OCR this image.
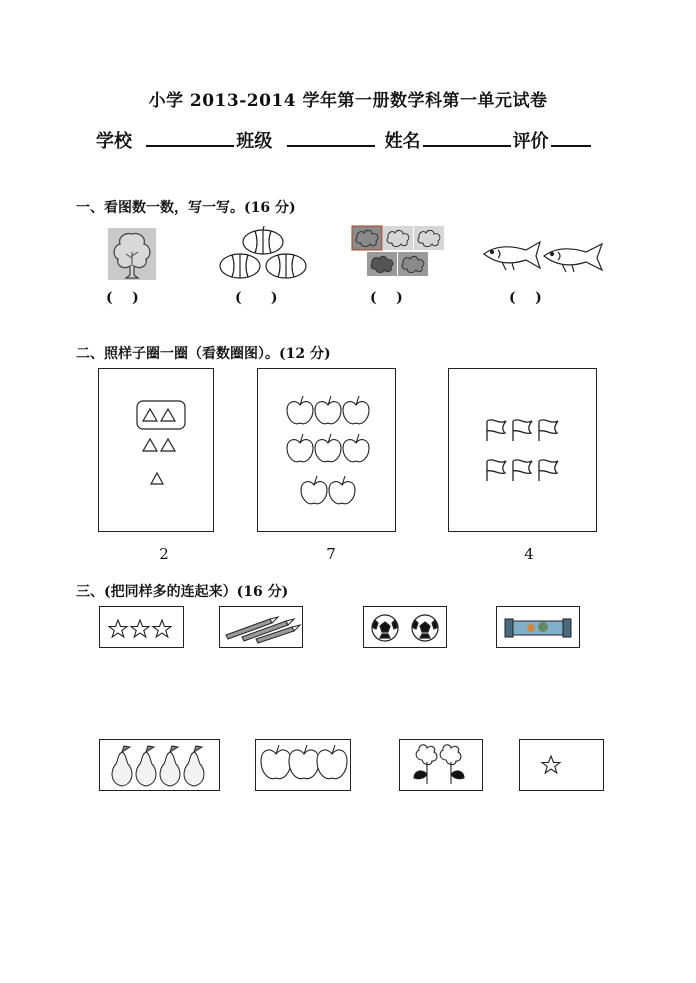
小学 2013-2014 学年第一册数学科第一单元试卷
学校	班级	姓名	评价
一、看图数一数，写一写。(16 分)
(    )	(      )	(    )	(    )
二、照样子圈一圈（看数圈图）。(12 分)
2	7	4
三、(把同样多的连起来）(16 分)
